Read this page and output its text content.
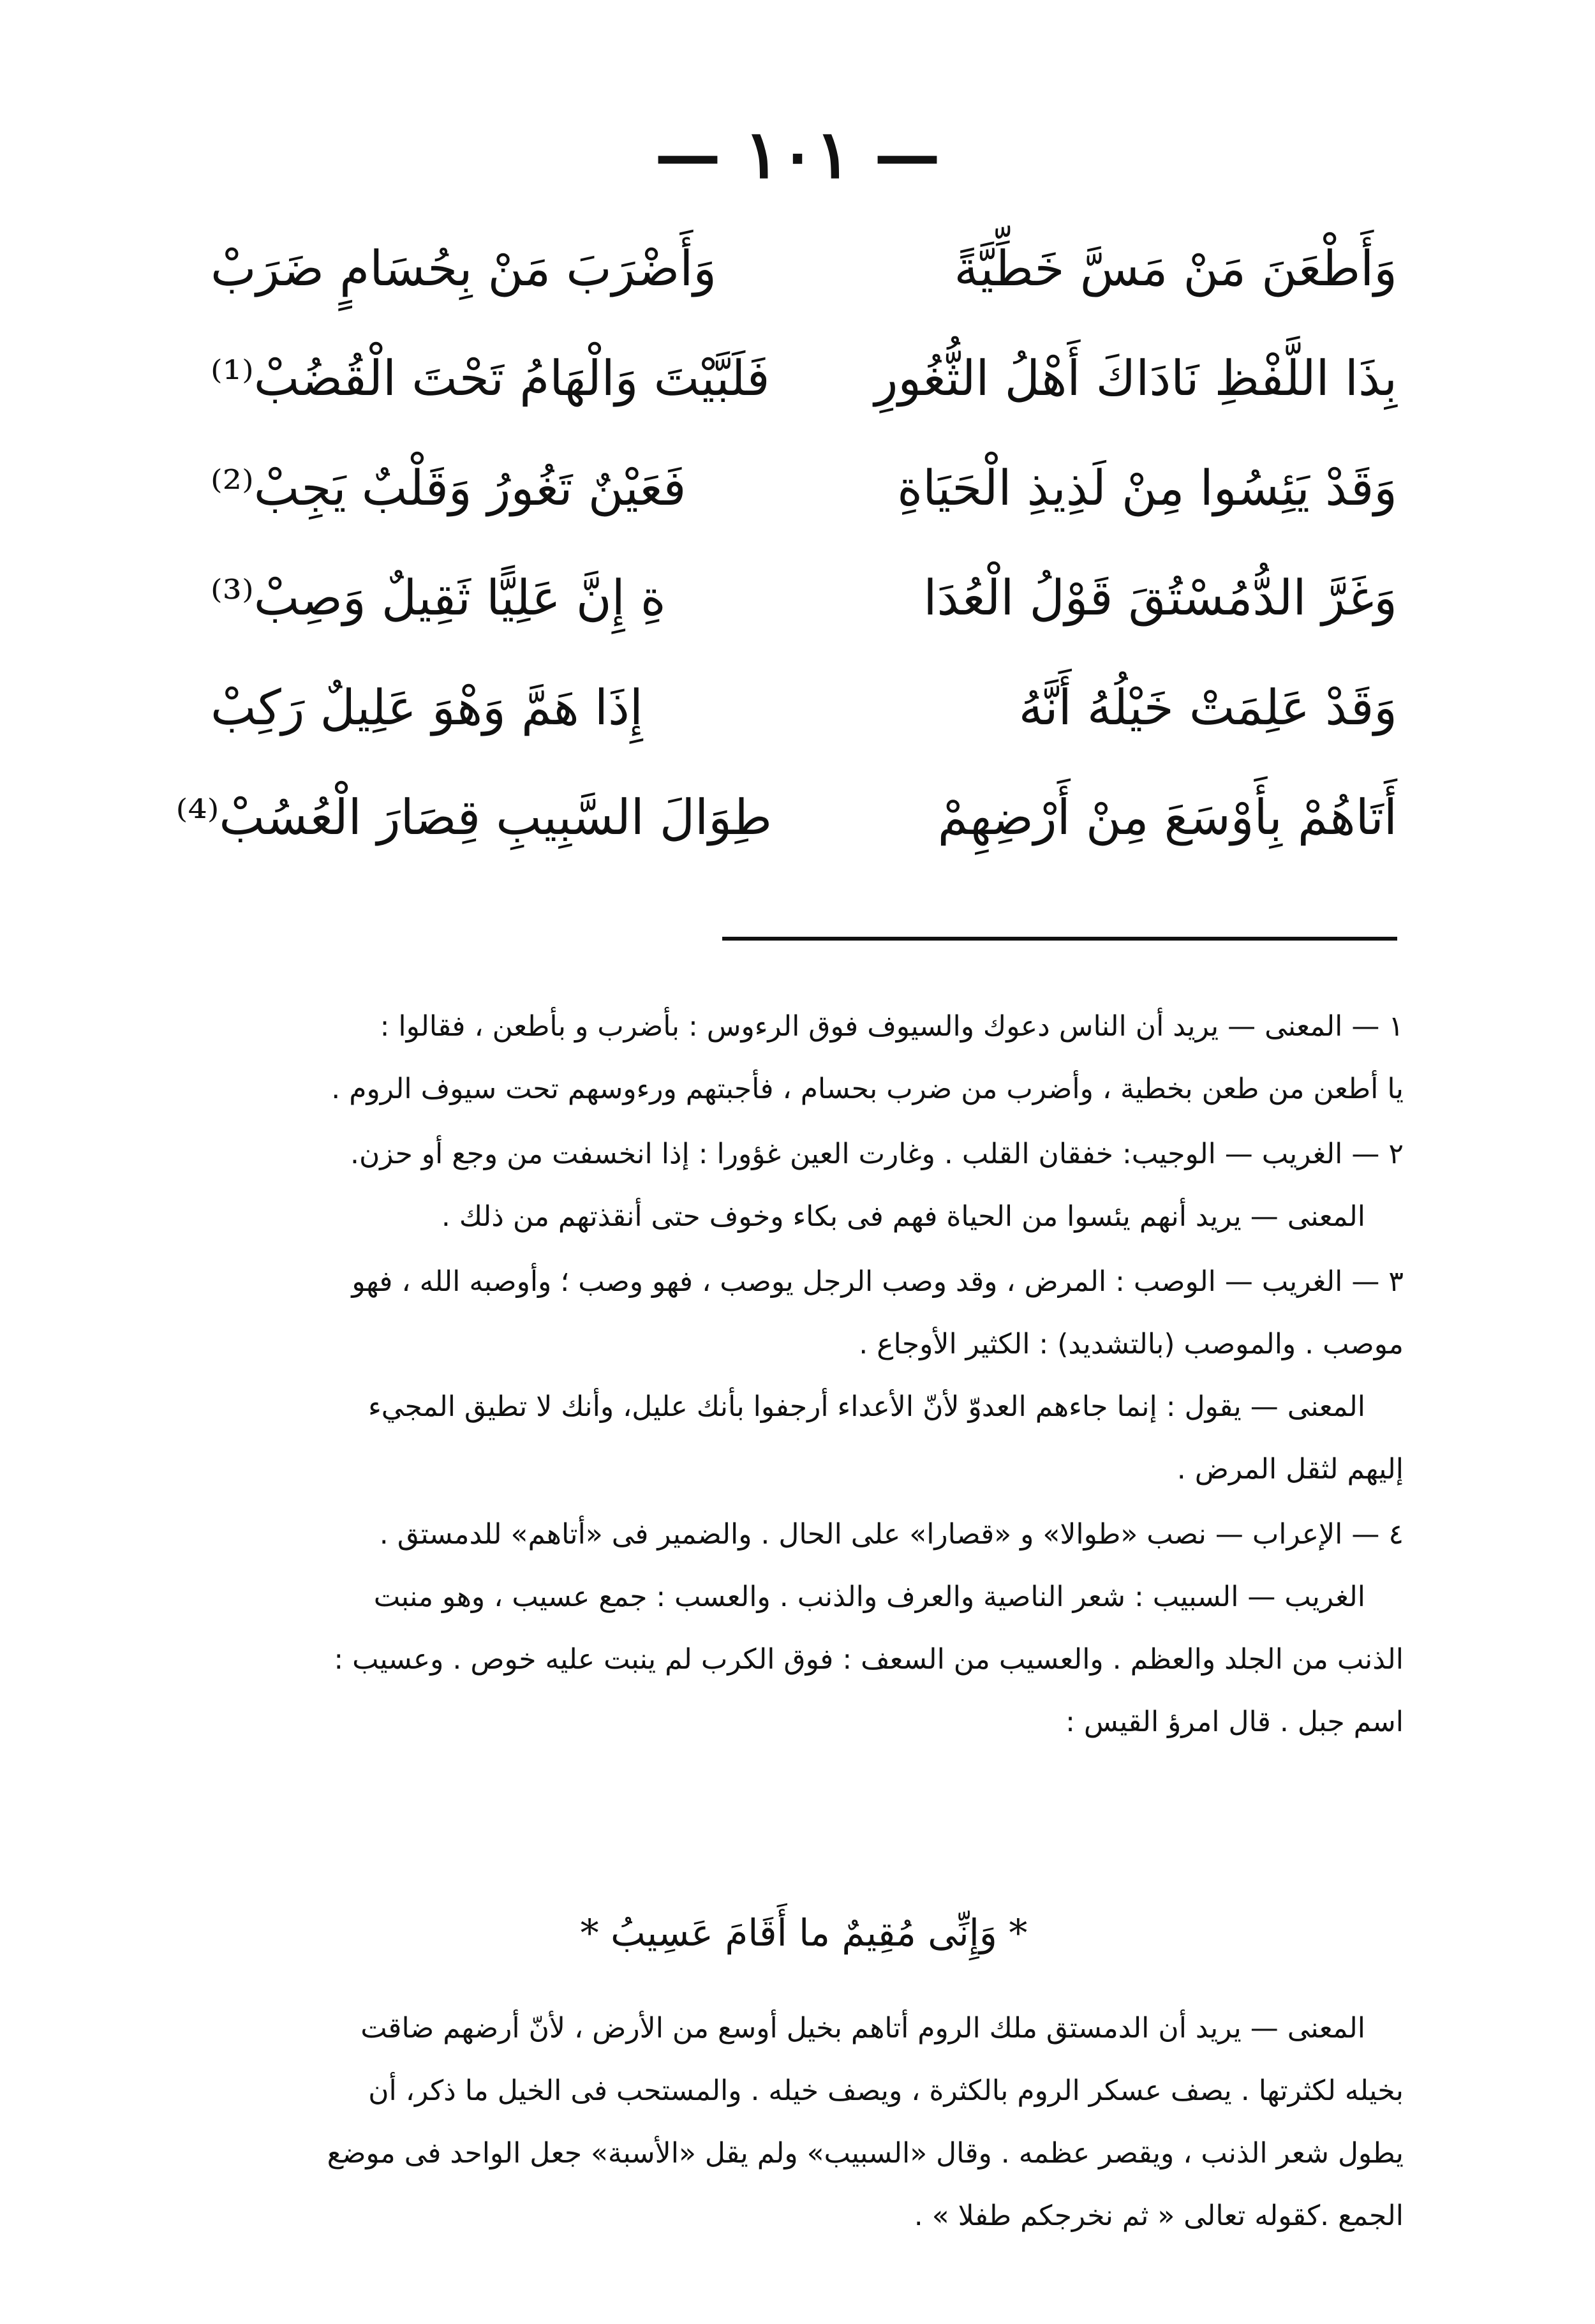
— ١٠١ —
وَأَطْعَنَ مَنْ مَسَّ خَطِّيَّةً
وَأَضْرَبَ مَنْ بِحُسَامٍ ضَرَبْ
بِذَا اللَّفْظِ نَادَاكَ أَهْلُ الثُّغُورِ
فَلَبَّيْتَ وَالْهَامُ تَحْتَ الْقُضُبْ⁽¹⁾
وَقَدْ يَئِسُوا مِنْ لَذِيذِ الْحَيَاةِ
فَعَيْنٌ تَغُورُ وَقَلْبٌ يَجِبْ⁽²⁾
وَغَرَّ الدُّمُسْتُقَ قَوْلُ الْعُدَا
ةِ إِنَّ عَلِيًّا ثَقِيلٌ وَصِبْ⁽³⁾
وَقَدْ عَلِمَتْ خَيْلُهُ أَنَّهُ
إِذَا هَمَّ وَهْوَ عَلِيلٌ رَكِبْ
أَتَاهُمْ بِأَوْسَعَ مِنْ أَرْضِهِمْ
طِوَالَ السَّبِيبِ قِصَارَ الْعُسُبْ⁽⁴⁾
١ — المعنى — يريد أن الناس دعوك والسيوف فوق الرءوس : بأضرب و بأطعن ، فقالوا :
يا أطعن من طعن بخطية ، وأضرب من ضرب بحسام ، فأجبتهم ورءوسهم تحت سيوف الروم .
٢ — الغريب — الوجيب: خفقان القلب . وغارت العين غؤورا : إذا انخسفت من وجع أو حزن.
المعنى — يريد أنهم يئسوا من الحياة فهم فى بكاء وخوف حتى أنقذتهم من ذلك .
٣ — الغريب — الوصب : المرض ، وقد وصب الرجل يوصب ، فهو وصب ؛ وأوصبه الله ، فهو
موصب . والموصب (بالتشديد) : الكثير الأوجاع .
المعنى — يقول : إنما جاءهم العدوّ لأنّ الأعداء أرجفوا بأنك عليل، وأنك لا تطيق المجيء
إليهم لثقل المرض .
٤ — الإعراب — نصب «طوالا» و «قصارا» على الحال . والضمير فى «أتاهم» للدمستق .
الغريب — السبيب : شعر الناصية والعرف والذنب . والعسب : جمع عسيب ، وهو منبت
الذنب من الجلد والعظم . والعسيب من السعف : فوق الكرب لم ينبت عليه خوص . وعسيب :
اسم جبل . قال امرؤ القيس :
* وَإِنِّى مُقِيمٌ ما أَقَامَ عَسِيبُ *
المعنى — يريد أن الدمستق ملك الروم أتاهم بخيل أوسع من الأرض ، لأنّ أرضهم ضاقت
بخيله لكثرتها . يصف عسكر الروم بالكثرة ، ويصف خيله . والمستحب فى الخيل ما ذكر، أن
يطول شعر الذنب ، ويقصر عظمه . وقال «السبيب» ولم يقل «الأسبة» جعل الواحد فى موضع
الجمع .كقوله تعالى « ثم نخرجكم طفلا » .
